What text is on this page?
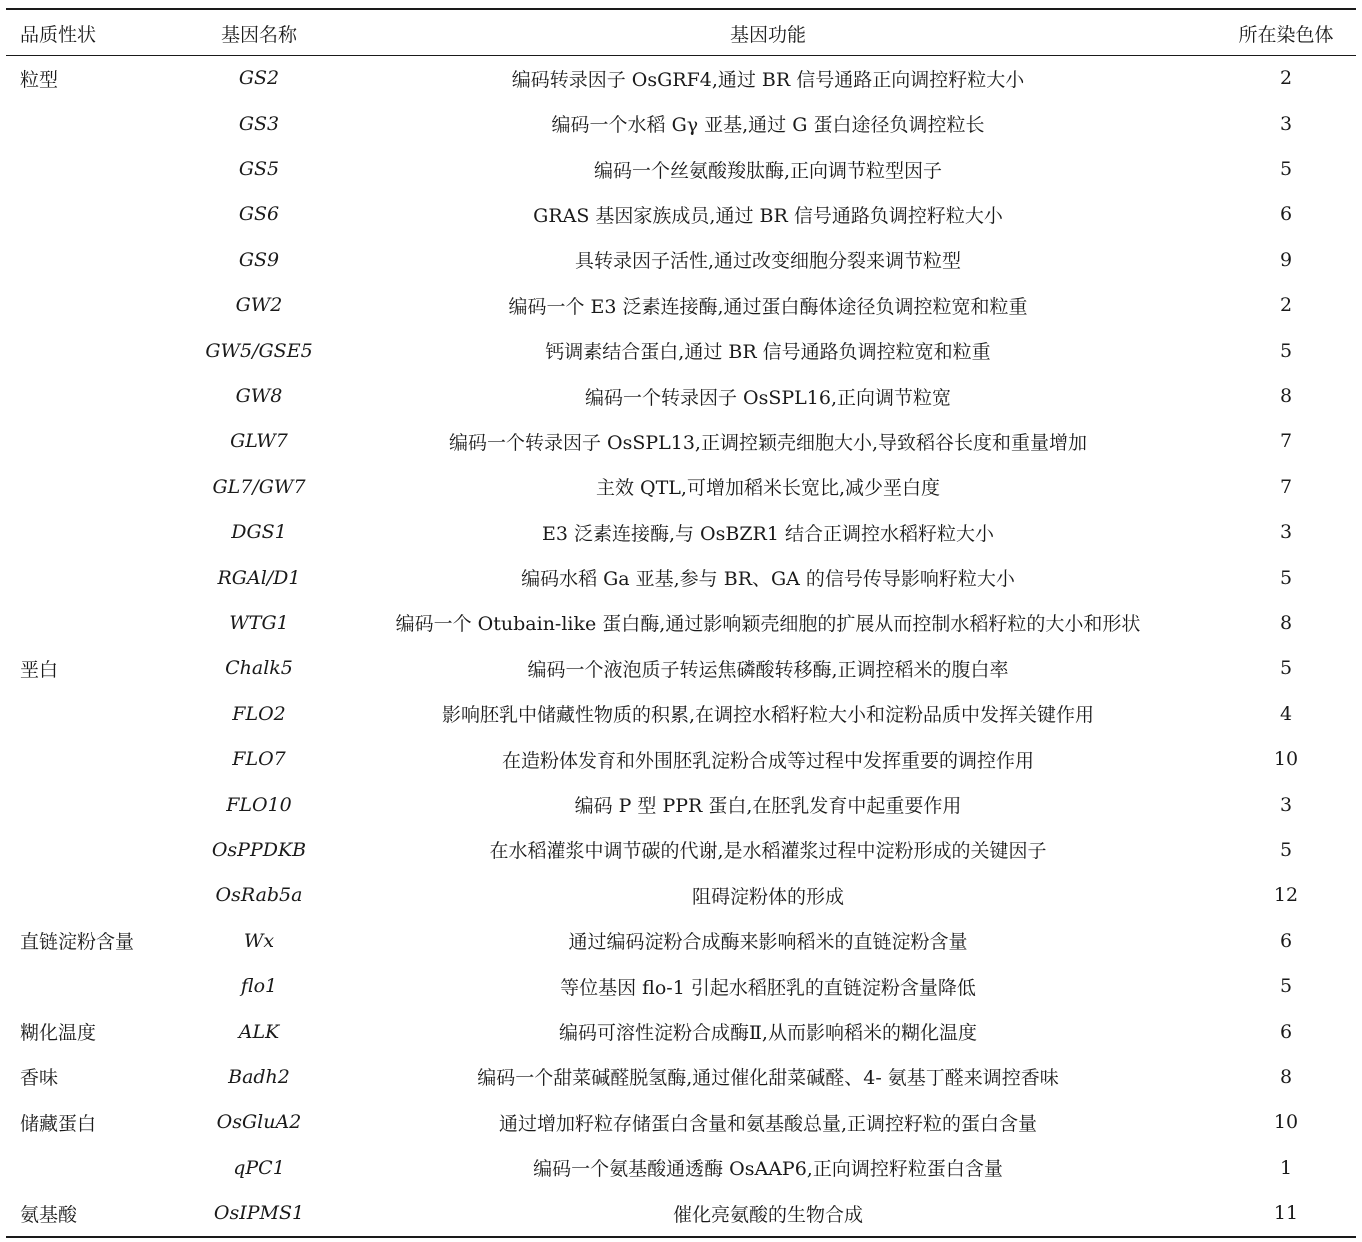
品质性状	基因名称	基因功能	所在染色体
粒型	GS2	编码转录因子 OsGRF4,通过 BR 信号通路正向调控籽粒大小	2
	GS3	编码一个水稻 Gγ 亚基,通过 G 蛋白途径负调控粒长	3
	GS5	编码一个丝氨酸羧肽酶,正向调节粒型因子	5
	GS6	GRAS 基因家族成员,通过 BR 信号通路负调控籽粒大小	6
	GS9	具转录因子活性,通过改变细胞分裂来调节粒型	9
	GW2	编码一个 E3 泛素连接酶,通过蛋白酶体途径负调控粒宽和粒重	2
	GW5/GSE5	钙调素结合蛋白,通过 BR 信号通路负调控粒宽和粒重	5
	GW8	编码一个转录因子 OsSPL16,正向调节粒宽	8
	GLW7	编码一个转录因子 OsSPL13,正调控颖壳细胞大小,导致稻谷长度和重量增加	7
	GL7/GW7	主效 QTL,可增加稻米长宽比,减少垩白度	7
	DGS1	E3 泛素连接酶,与 OsBZR1 结合正调控水稻籽粒大小	3
	RGAl/D1	编码水稻 Ga 亚基,参与 BR、GA 的信号传导影响籽粒大小	5
	WTG1	编码一个 Otubain-like 蛋白酶,通过影响颖壳细胞的扩展从而控制水稻籽粒的大小和形状	8
垩白	Chalk5	编码一个液泡质子转运焦磷酸转移酶,正调控稻米的腹白率	5
	FLO2	影响胚乳中储藏性物质的积累,在调控水稻籽粒大小和淀粉品质中发挥关键作用	4
	FLO7	在造粉体发育和外围胚乳淀粉合成等过程中发挥重要的调控作用	10
	FLO10	编码 P 型 PPR 蛋白,在胚乳发育中起重要作用	3
	OsPPDKB	在水稻灌浆中调节碳的代谢,是水稻灌浆过程中淀粉形成的关键因子	5
	OsRab5a	阻碍淀粉体的形成	12
直链淀粉含量	Wx	通过编码淀粉合成酶来影响稻米的直链淀粉含量	6
	flo1	等位基因 flo-1 引起水稻胚乳的直链淀粉含量降低	5
糊化温度	ALK	编码可溶性淀粉合成酶Ⅱ,从而影响稻米的糊化温度	6
香味	Badh2	编码一个甜菜碱醛脱氢酶,通过催化甜菜碱醛、4- 氨基丁醛来调控香味	8
储藏蛋白	OsGluA2	通过增加籽粒存储蛋白含量和氨基酸总量,正调控籽粒的蛋白含量	10
	qPC1	编码一个氨基酸通透酶 OsAAP6,正向调控籽粒蛋白含量	1
氨基酸	OsIPMS1	催化亮氨酸的生物合成	11
